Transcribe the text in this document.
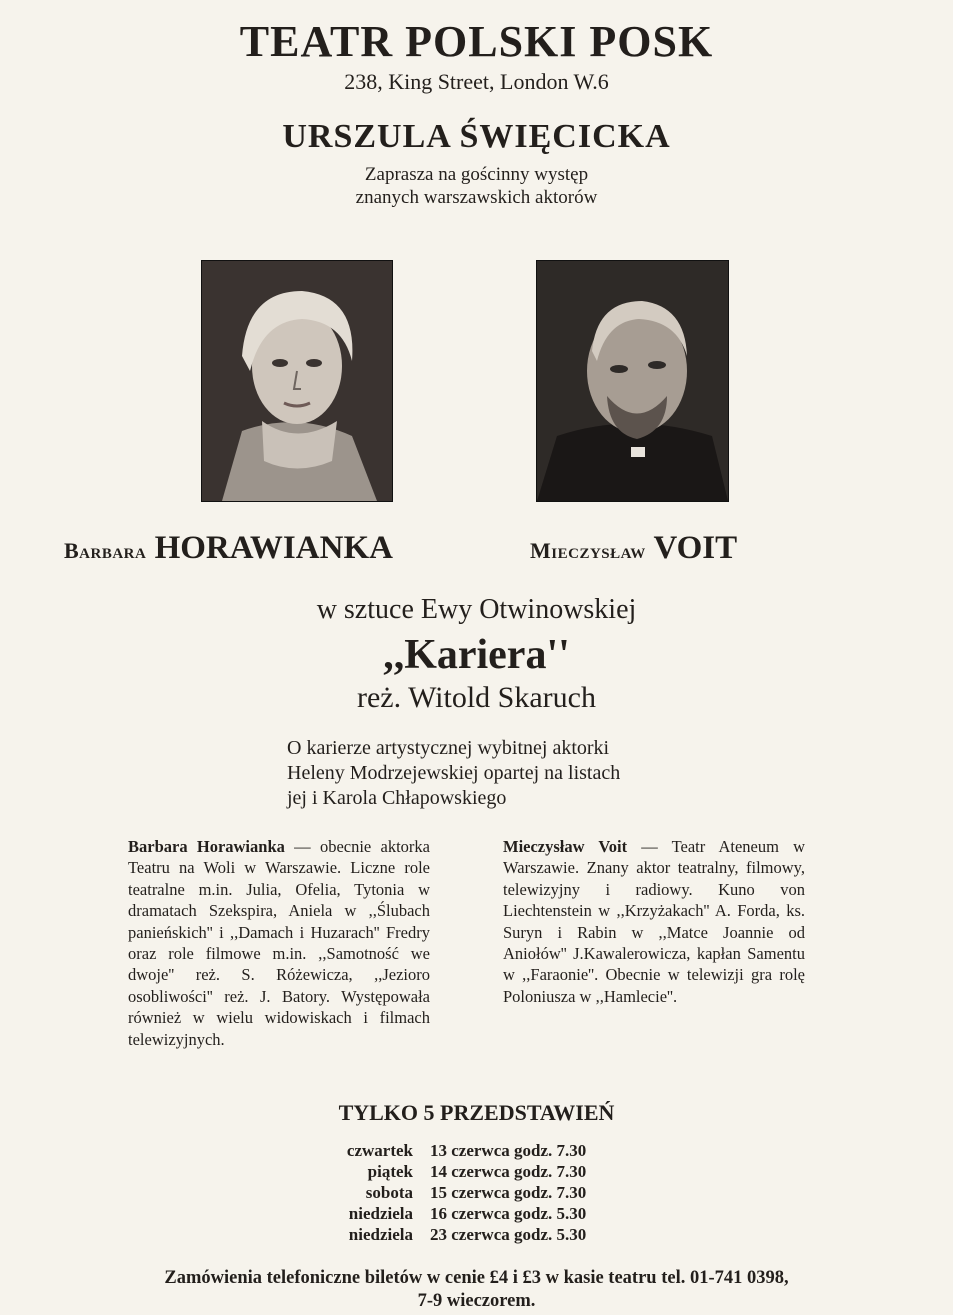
TEATR POLSKI POSK
238, King Street, London W.6
URSZULA ŚWIĘCICKA
Zaprasza na gościnny występ
znanych warszawskich aktorów
Barbara HORAWIANKA	Mieczysław VOIT
w sztuce Ewy Otwinowskiej
,,Kariera''
reż. Witold Skaruch
O karierze artystycznej wybitnej aktorki
Heleny Modrzejewskiej opartej na listach
jej i Karola Chłapowskiego
Barbara Horawianka — obecnie aktorka Teatru na Woli w Warszawie. Liczne role teatralne m.in. Julia, Ofelia, Tytonia w dramatach Szekspira, Aniela w ,,Ślubach panieńskich'' i ,,Damach i Huzarach'' Fredry oraz role filmowe m.in. ,,Samotność we dwoje'' reż. S. Różewicza, ,,Jezioro osobliwości'' reż. J. Batory. Występowała również w wielu widowiskach i filmach telewizyjnych.
Mieczysław Voit — Teatr Ateneum w Warszawie. Znany aktor teatralny, filmowy, telewizyjny i radiowy. Kuno von Liechtenstein w ,,Krzyżakach'' A. Forda, ks. Suryn i Rabin w ,,Matce Joannie od Aniołów'' J.Kawalerowicza, kapłan Samentu w ,,Faraonie''. Obecnie w telewizji gra rolę Poloniusza w ,,Hamlecie''.
TYLKO 5 PRZEDSTAWIEŃ
czwartek 13 czerwca godz. 7.30
piątek 14 czerwca godz. 7.30
sobota 15 czerwca godz. 7.30
niedziela 16 czerwca godz. 5.30
niedziela 23 czerwca godz. 5.30
Zamówienia telefoniczne biletów w cenie £4 i £3 w kasie teatru tel. 01-741 0398,
7-9 wieczorem.
